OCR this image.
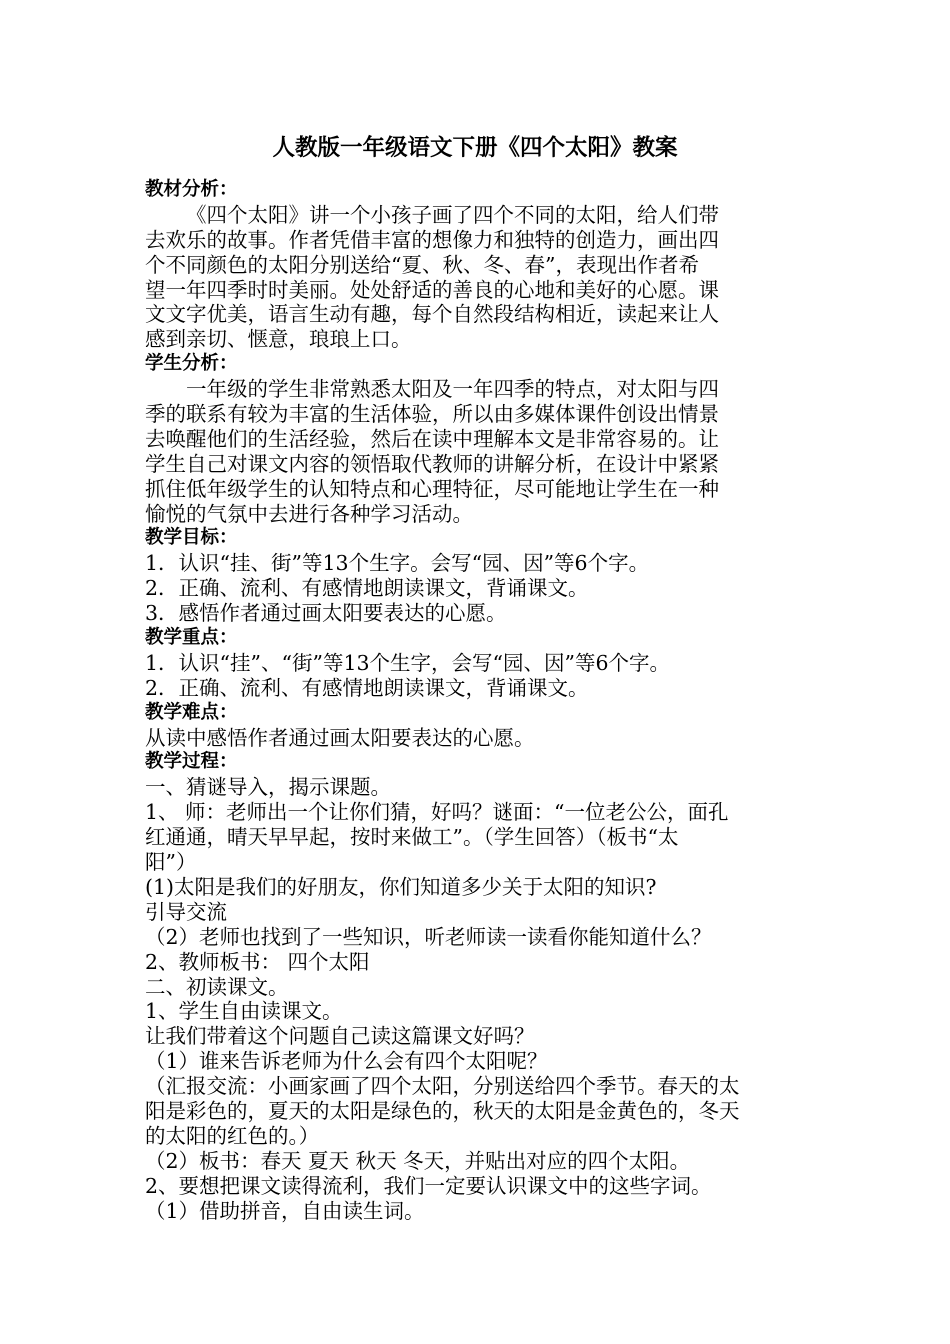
人教版一年级语文下册《四个太阳》教案
教材分析：
《四个太阳》讲一个小孩子画了四个不同的太阳，给人们带
去欢乐的故事。作者凭借丰富的想像力和独特的创造力，画出四
个不同颜色的太阳分别送给“夏、秋、冬、春”，表现出作者希
望一年四季时时美丽。处处舒适的善良的心地和美好的心愿。课
文文字优美，语言生动有趣，每个自然段结构相近，读起来让人
感到亲切、惬意，琅琅上口。
学生分析：
一年级的学生非常熟悉太阳及一年四季的特点，对太阳与四
季的联系有较为丰富的生活体验，所以由多媒体课件创设出情景
去唤醒他们的生活经验，然后在读中理解本文是非常容易的。让
学生自己对课文内容的领悟取代教师的讲解分析，在设计中紧紧
抓住低年级学生的认知特点和心理特征，尽可能地让学生在一种
愉悦的气氛中去进行各种学习活动。
教学目标：
1．认识“挂、街”等13个生字。会写“园、因”等6个字。
2．正确、流利、有感情地朗读课文，背诵课文。
3．感悟作者通过画太阳要表达的心愿。
教学重点：
1．认识“挂”、“街”等13个生字，会写“园、因”等6个字。
2．正确、流利、有感情地朗读课文，背诵课文。
教学难点：
从读中感悟作者通过画太阳要表达的心愿。
教学过程：
一、猜谜导入，揭示课题。
1、 师：老师出一个让你们猜，好吗？谜面：“一位老公公，面孔
红通通，晴天早早起，按时来做工”。（学生回答）（板书“太
阳”）
(1)太阳是我们的好朋友，你们知道多少关于太阳的知识?
引导交流
（2）老师也找到了一些知识，听老师读一读看你能知道什么？
2、教师板书： 四个太阳
二、初读课文。
1、学生自由读课文。
让我们带着这个问题自己读这篇课文好吗？
（1）谁来告诉老师为什么会有四个太阳呢？
（汇报交流：小画家画了四个太阳，分别送给四个季节。春天的太
阳是彩色的，夏天的太阳是绿色的，秋天的太阳是金黄色的，冬天
的太阳的红色的。）
（2）板书：春天 夏天 秋天 冬天，并贴出对应的四个太阳。
2、要想把课文读得流利，我们一定要认识课文中的这些字词。
（1）借助拼音，自由读生词。
